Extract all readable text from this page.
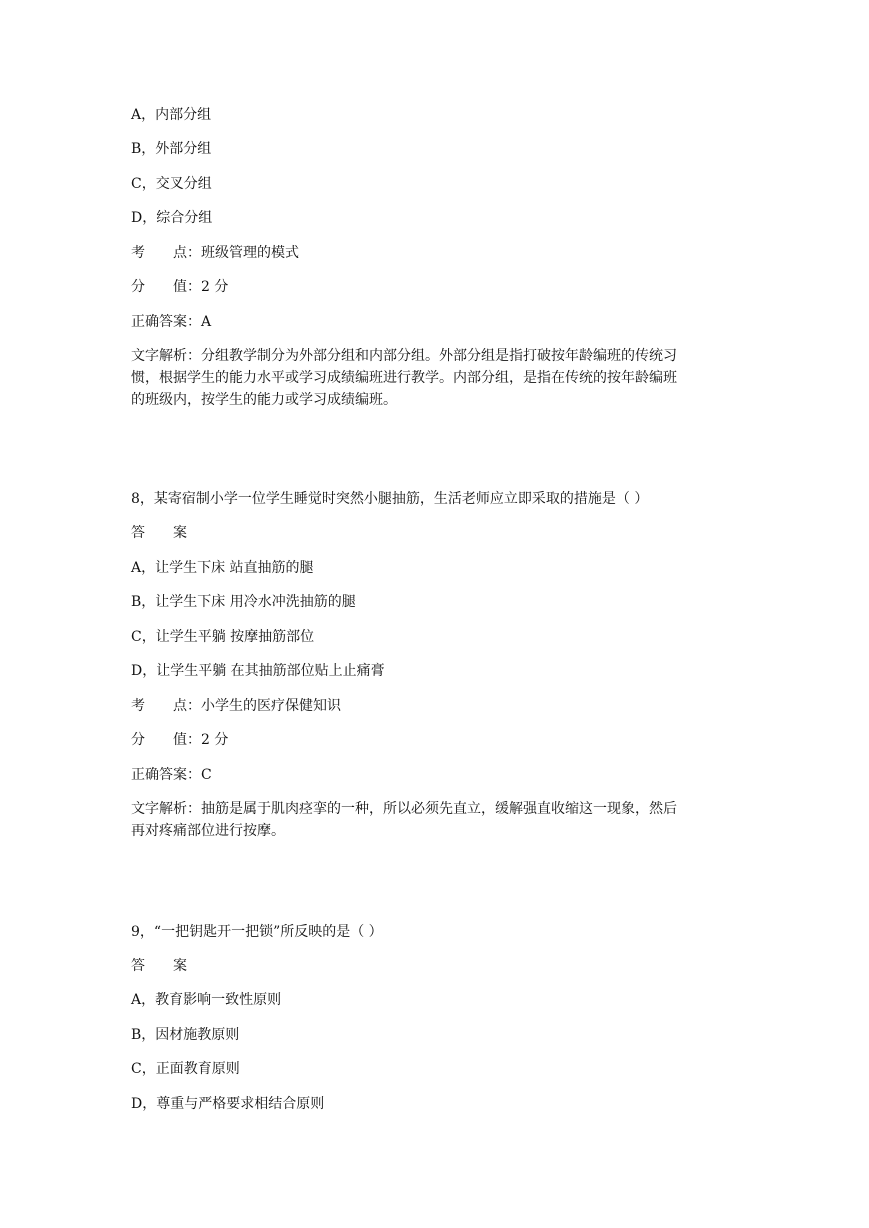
A，内部分组
B，外部分组
C，交叉分组
D，综合分组
考　　点：班级管理的模式
分　　值：2 分
正确答案：A
文字解析：分组教学制分为外部分组和内部分组。外部分组是指打破按年龄编班的传统习
惯，根据学生的能力水平或学习成绩编班进行教学。内部分组，是指在传统的按年龄编班
的班级内，按学生的能力或学习成绩编班。
8，某寄宿制小学一位学生睡觉时突然小腿抽筋，生活老师应立即采取的措施是（ ）
答　　案
A，让学生下床 站直抽筋的腿
B，让学生下床 用冷水冲洗抽筋的腿
C，让学生平躺 按摩抽筋部位
D，让学生平躺 在其抽筋部位贴上止痛膏
考　　点：小学生的医疗保健知识
分　　值：2 分
正确答案：C
文字解析：抽筋是属于肌肉痉挛的一种，所以必须先直立，缓解强直收缩这一现象，然后
再对疼痛部位进行按摩。
9，“一把钥匙开一把锁”所反映的是（ ）
答　　案
A，教育影响一致性原则
B，因材施教原则
C，正面教育原则
D，尊重与严格要求相结合原则
